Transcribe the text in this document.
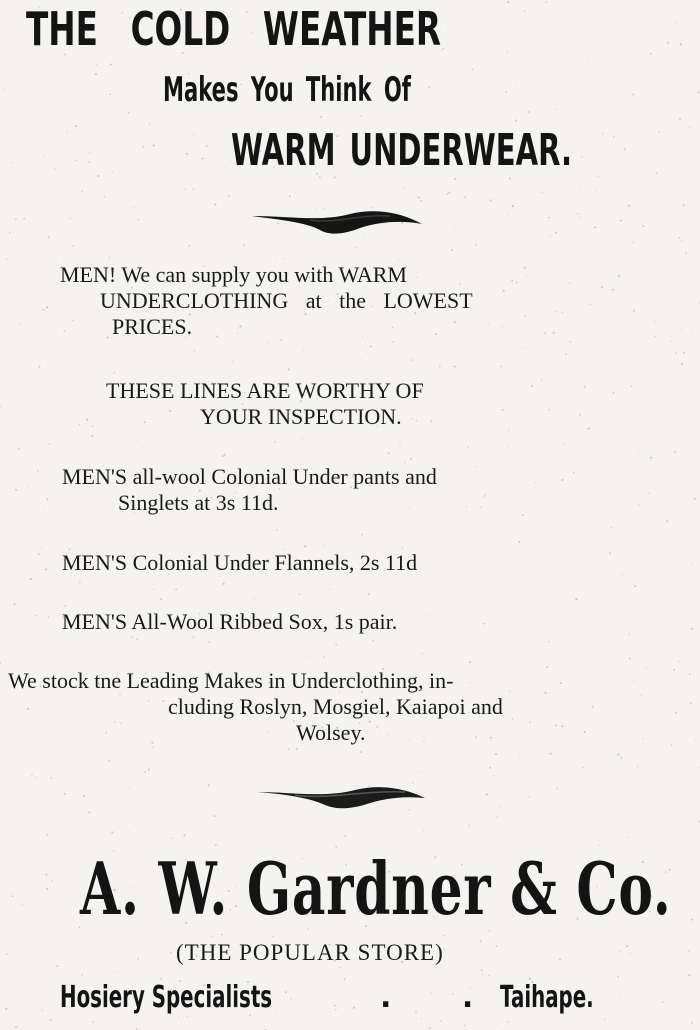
THE COLD WEATHER
Makes You Think Of
WARM UNDERWEAR.
MEN! We can supply you with WARM
UNDERCLOTHING at the LOWEST
PRICES.
THESE LINES ARE WORTHY OF
YOUR INSPECTION.
MEN'S all-wool Colonial Under pants and
Singlets at 3s 11d.
MEN'S Colonial Under Flannels, 2s 11d
MEN'S All-Wool Ribbed Sox, 1s pair.
We stock tne Leading Makes in Underclothing, in-
cluding Roslyn, Mosgiel, Kaiapoi and
Wolsey.
A. W. Gardner & Co.
(THE POPULAR STORE)
Hosiery Specialists	. .
Taihape.
